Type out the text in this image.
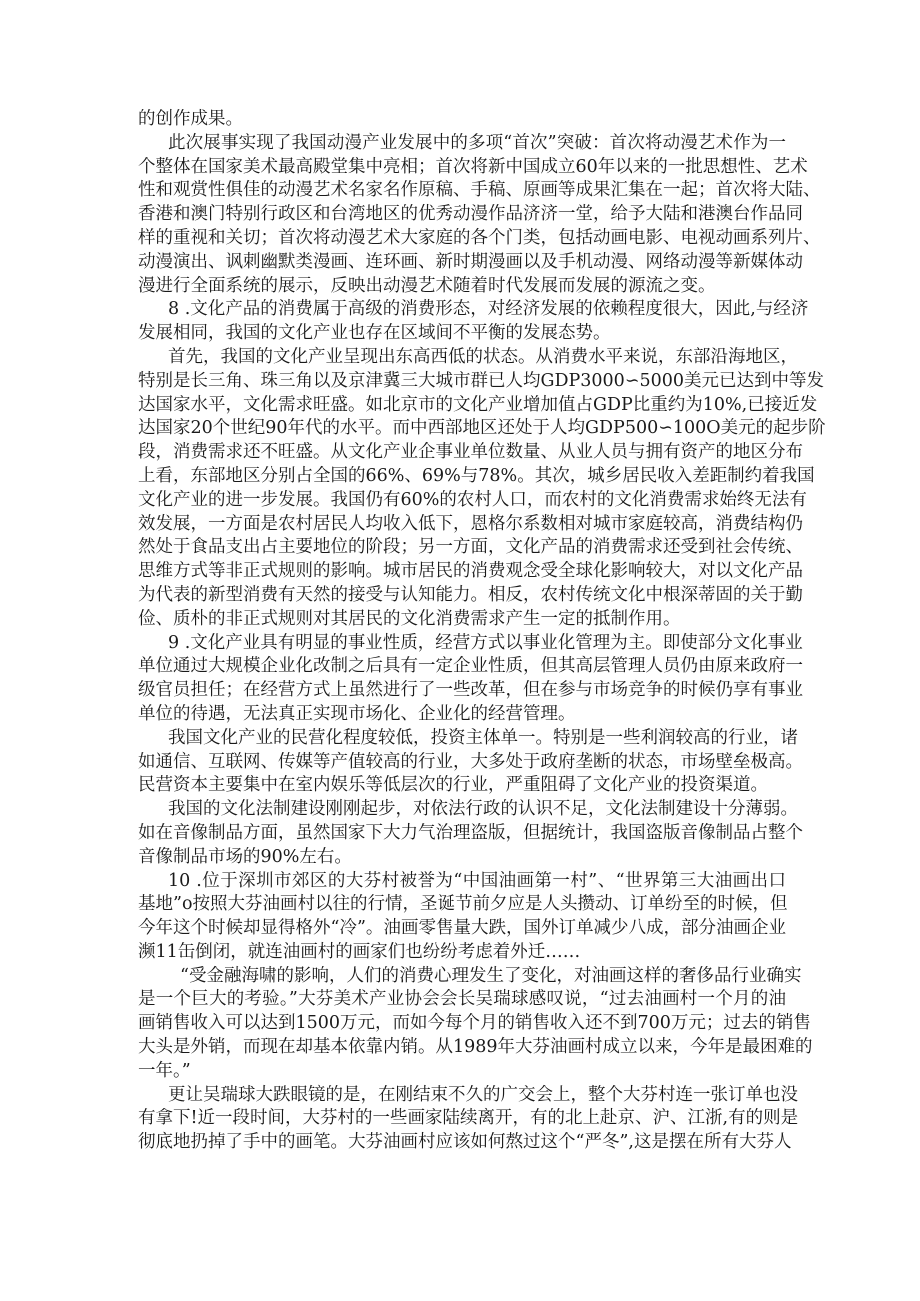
的创作成果。
此次展事实现了我国动漫产业发展中的多项“首次”突破：首次将动漫艺术作为一
个整体在国家美术最高殿堂集中亮相；首次将新中国成立60年以来的一批思想性、艺术
性和观赏性俱佳的动漫艺术名家名作原稿、手稿、原画等成果汇集在一起；首次将大陆、
香港和澳门特别行政区和台湾地区的优秀动漫作品济济一堂，给予大陆和港澳台作品同
样的重视和关切；首次将动漫艺术大家庭的各个门类，包括动画电影、电视动画系列片、
动漫演出、讽刺幽默类漫画、连环画、新时期漫画以及手机动漫、网络动漫等新媒体动
漫进行全面系统的展示，反映出动漫艺术随着时代发展而发展的源流之变。
8 .文化产品的消费属于高级的消费形态，对经济发展的依赖程度很大，因此,与经济
发展相同，我国的文化产业也存在区域间不平衡的发展态势。
首先，我国的文化产业呈现出东高西低的状态。从消费水平来说，东部沿海地区，
特别是长三角、珠三角以及京津冀三大城市群已人均GDP3000∽5000美元已达到中等发
达国家水平，文化需求旺盛。如北京市的文化产业增加值占GDP比重约为10%,已接近发
达国家20个世纪90年代的水平。而中西部地区还处于人均GDP500∽100O美元的起步阶
段，消费需求还不旺盛。从文化产业企事业单位数量、从业人员与拥有资产的地区分布
上看，东部地区分别占全国的66%、69%与78%。其次，城乡居民收入差距制约着我国
文化产业的进一步发展。我国仍有60%的农村人口，而农村的文化消费需求始终无法有
效发展，一方面是农村居民人均收入低下，恩格尔系数相对城市家庭较高，消费结构仍
然处于食品支出占主要地位的阶段；另一方面，文化产品的消费需求还受到社会传统、
思维方式等非正式规则的影响。城市居民的消费观念受全球化影响较大，对以文化产品
为代表的新型消费有天然的接受与认知能力。相反，农村传统文化中根深蒂固的关于勤
俭、质朴的非正式规则对其居民的文化消费需求产生一定的抵制作用。
9 .文化产业具有明显的事业性质，经营方式以事业化管理为主。即使部分文化事业
单位通过大规模企业化改制之后具有一定企业性质，但其高层管理人员仍由原来政府一
级官员担任；在经营方式上虽然进行了一些改革，但在参与市场竞争的时候仍享有事业
单位的待遇，无法真正实现市场化、企业化的经营管理。
我国文化产业的民营化程度较低，投资主体单一。特别是一些利润较高的行业，诸
如通信、互联网、传媒等产值较高的行业，大多处于政府垄断的状态，市场壁垒极高。
民营资本主要集中在室内娱乐等低层次的行业，严重阻碍了文化产业的投资渠道。
我国的文化法制建设刚刚起步，对依法行政的认识不足，文化法制建设十分薄弱。
如在音像制品方面，虽然国家下大力气治理盗版，但据统计，我国盗版音像制品占整个
音像制品市场的90%左右。
10 .位于深圳市郊区的大芬村被誉为“中国油画第一村”、“世界第三大油画出口
基地”o按照大芬油画村以往的行情，圣诞节前夕应是人头攒动、订单纷至的时候，但
今年这个时候却显得格外“冷”。油画零售量大跌，国外订单减少八成，部分油画企业
濒11缶倒闭，就连油画村的画家们也纷纷考虑着外迁……
“受金融海啸的影响，人们的消费心理发生了变化，对油画这样的奢侈品行业确实
是一个巨大的考验。”大芬美术产业协会会长吴瑞球感叹说，“过去油画村一个月的油
画销售收入可以达到1500万元，而如今每个月的销售收入还不到700万元；过去的销售
大头是外销，而现在却基本依靠内销。从1989年大芬油画村成立以来，今年是最困难的
一年。”
更让吴瑞球大跌眼镜的是，在刚结束不久的广交会上，整个大芬村连一张订单也没
有拿下!近一段时间，大芬村的一些画家陆续离开，有的北上赴京、沪、江浙,有的则是
彻底地扔掉了手中的画笔。大芬油画村应该如何熬过这个“严冬”,这是摆在所有大芬人
